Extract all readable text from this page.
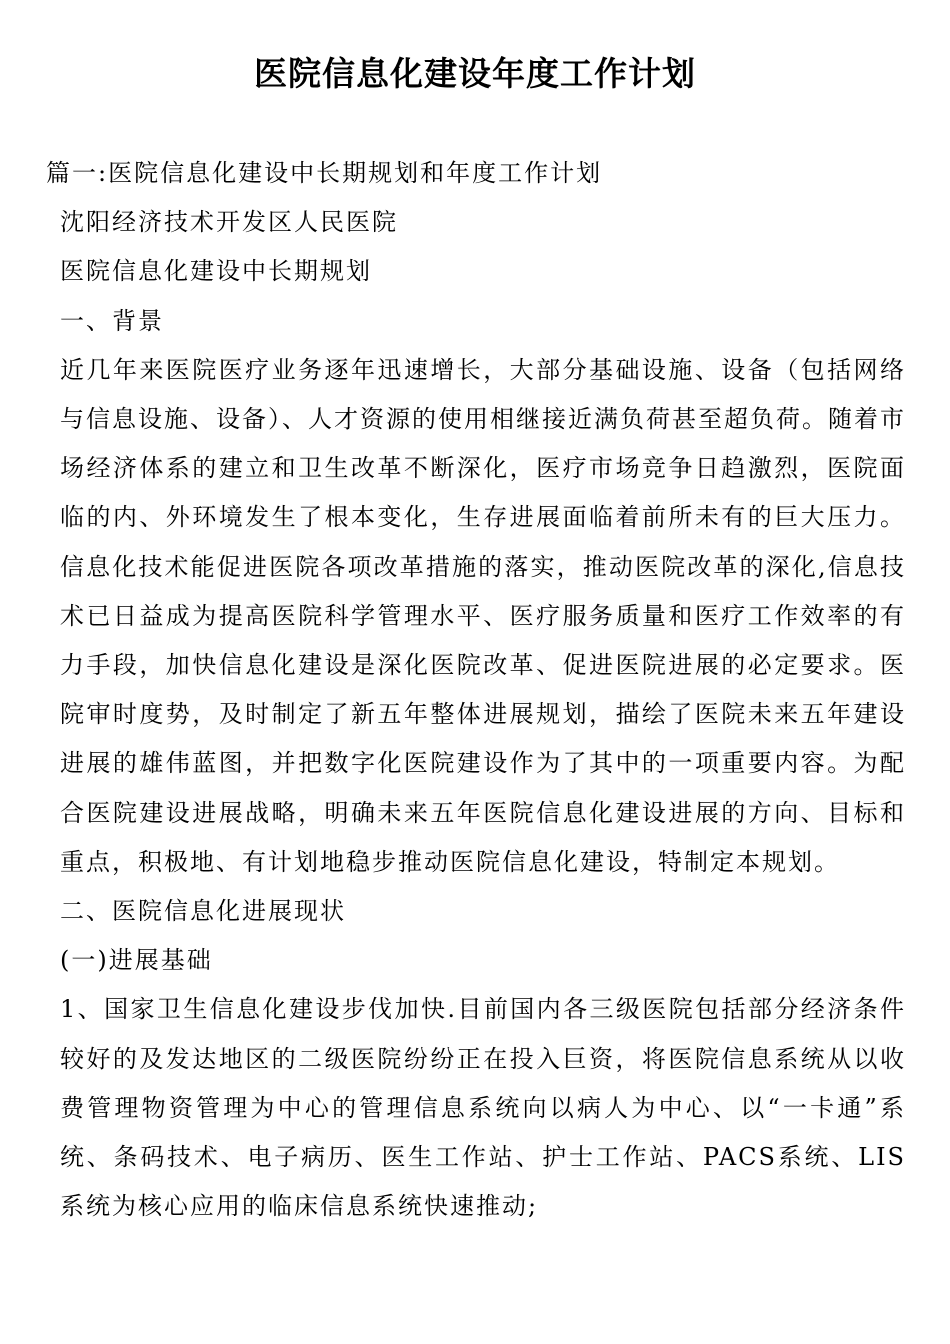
医院信息化建设年度工作计划

篇一:医院信息化建设中长期规划和年度工作计划

沈阳经济技术开发区人民医院

医院信息化建设中长期规划

一、背景

近几年来医院医疗业务逐年迅速增长，大部分基础设施、设备（包括网络与信息设施、设备）、人才资源的使用相继接近满负荷甚至超负荷。随着市场经济体系的建立和卫生改革不断深化，医疗市场竞争日趋激烈，医院面临的内、外环境发生了根本变化，生存进展面临着前所未有的巨大压力。信息化技术能促进医院各项改革措施的落实，推动医院改革的深化,信息技术已日益成为提高医院科学管理水平、医疗服务质量和医疗工作效率的有力手段，加快信息化建设是深化医院改革、促进医院进展的必定要求。医院审时度势，及时制定了新五年整体进展规划，描绘了医院未来五年建设进展的雄伟蓝图，并把数字化医院建设作为了其中的一项重要内容。为配合医院建设进展战略，明确未来五年医院信息化建设进展的方向、目标和重点，积极地、有计划地稳步推动医院信息化建设，特制定本规划。

二、医院信息化进展现状

(一)进展基础

1、国家卫生信息化建设步伐加快.目前国内各三级医院包括部分经济条件较好的及发达地区的二级医院纷纷正在投入巨资，将医院信息系统从以收费管理物资管理为中心的管理信息系统向以病人为中心、以“一卡通”系统、条码技术、电子病历、医生工作站、护士工作站、PACS系统、LIS系统为核心应用的临床信息系统快速推动;
